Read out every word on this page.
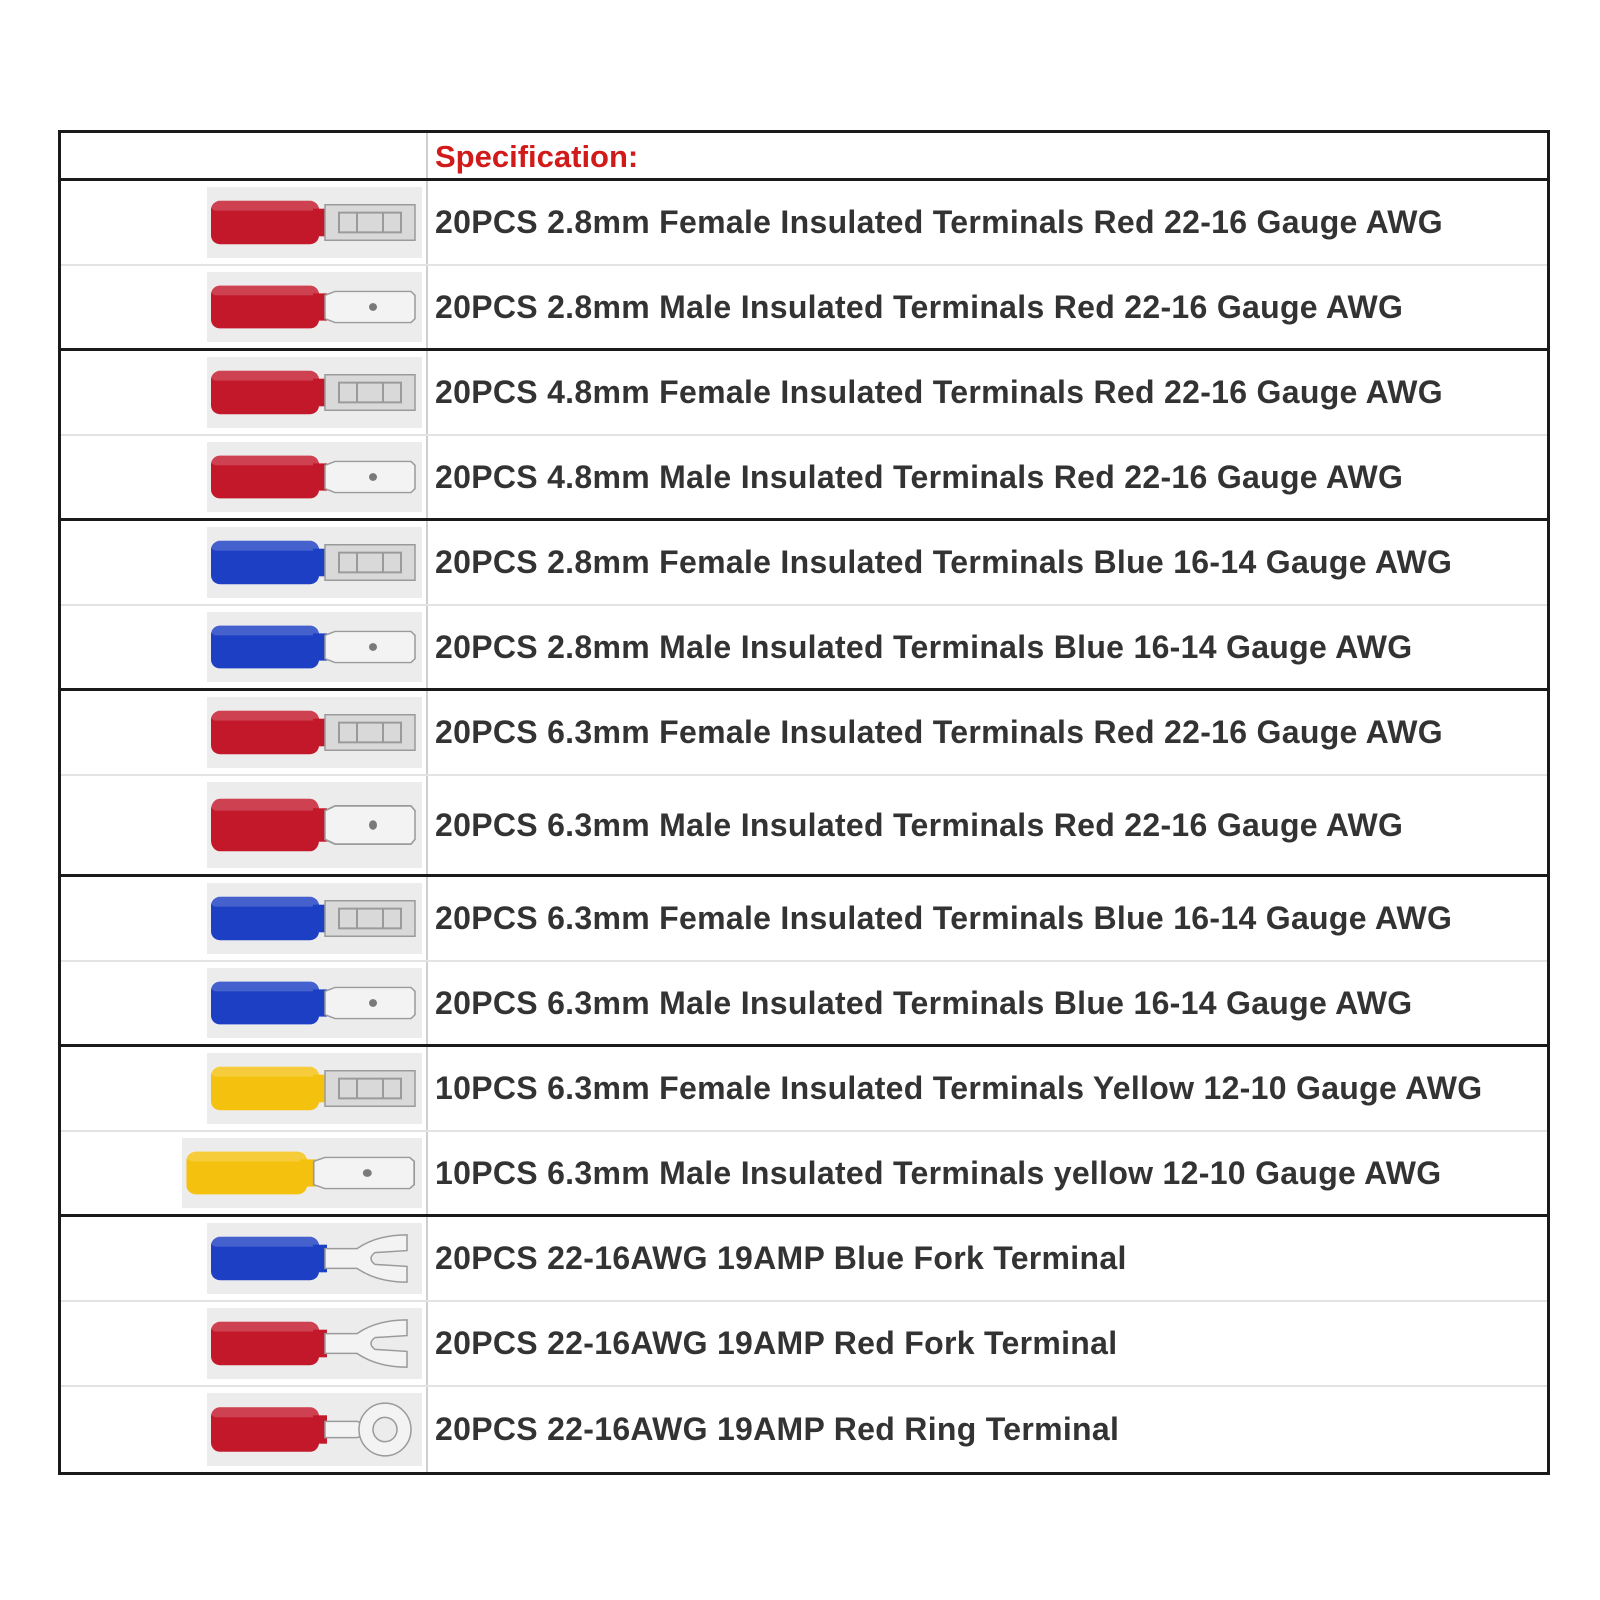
Specification:
20PCS 2.8mm Female Insulated Terminals Red 22-16 Gauge AWG
20PCS 2.8mm Male Insulated Terminals Red 22-16 Gauge AWG
20PCS 4.8mm Female Insulated Terminals Red 22-16 Gauge AWG
20PCS 4.8mm Male Insulated Terminals Red 22-16 Gauge AWG
20PCS 2.8mm Female Insulated Terminals Blue 16-14 Gauge AWG
20PCS 2.8mm Male Insulated Terminals Blue 16-14 Gauge AWG
20PCS 6.3mm Female Insulated Terminals Red 22-16 Gauge AWG
20PCS 6.3mm Male Insulated Terminals Red 22-16 Gauge AWG
20PCS 6.3mm Female Insulated Terminals Blue 16-14 Gauge AWG
20PCS 6.3mm Male Insulated Terminals Blue 16-14 Gauge AWG
10PCS 6.3mm Female Insulated Terminals Yellow 12-10 Gauge AWG
10PCS 6.3mm Male Insulated Terminals yellow 12-10 Gauge AWG
20PCS 22-16AWG 19AMP Blue Fork Terminal
20PCS 22-16AWG 19AMP Red Fork Terminal
20PCS 22-16AWG 19AMP Red Ring Terminal
